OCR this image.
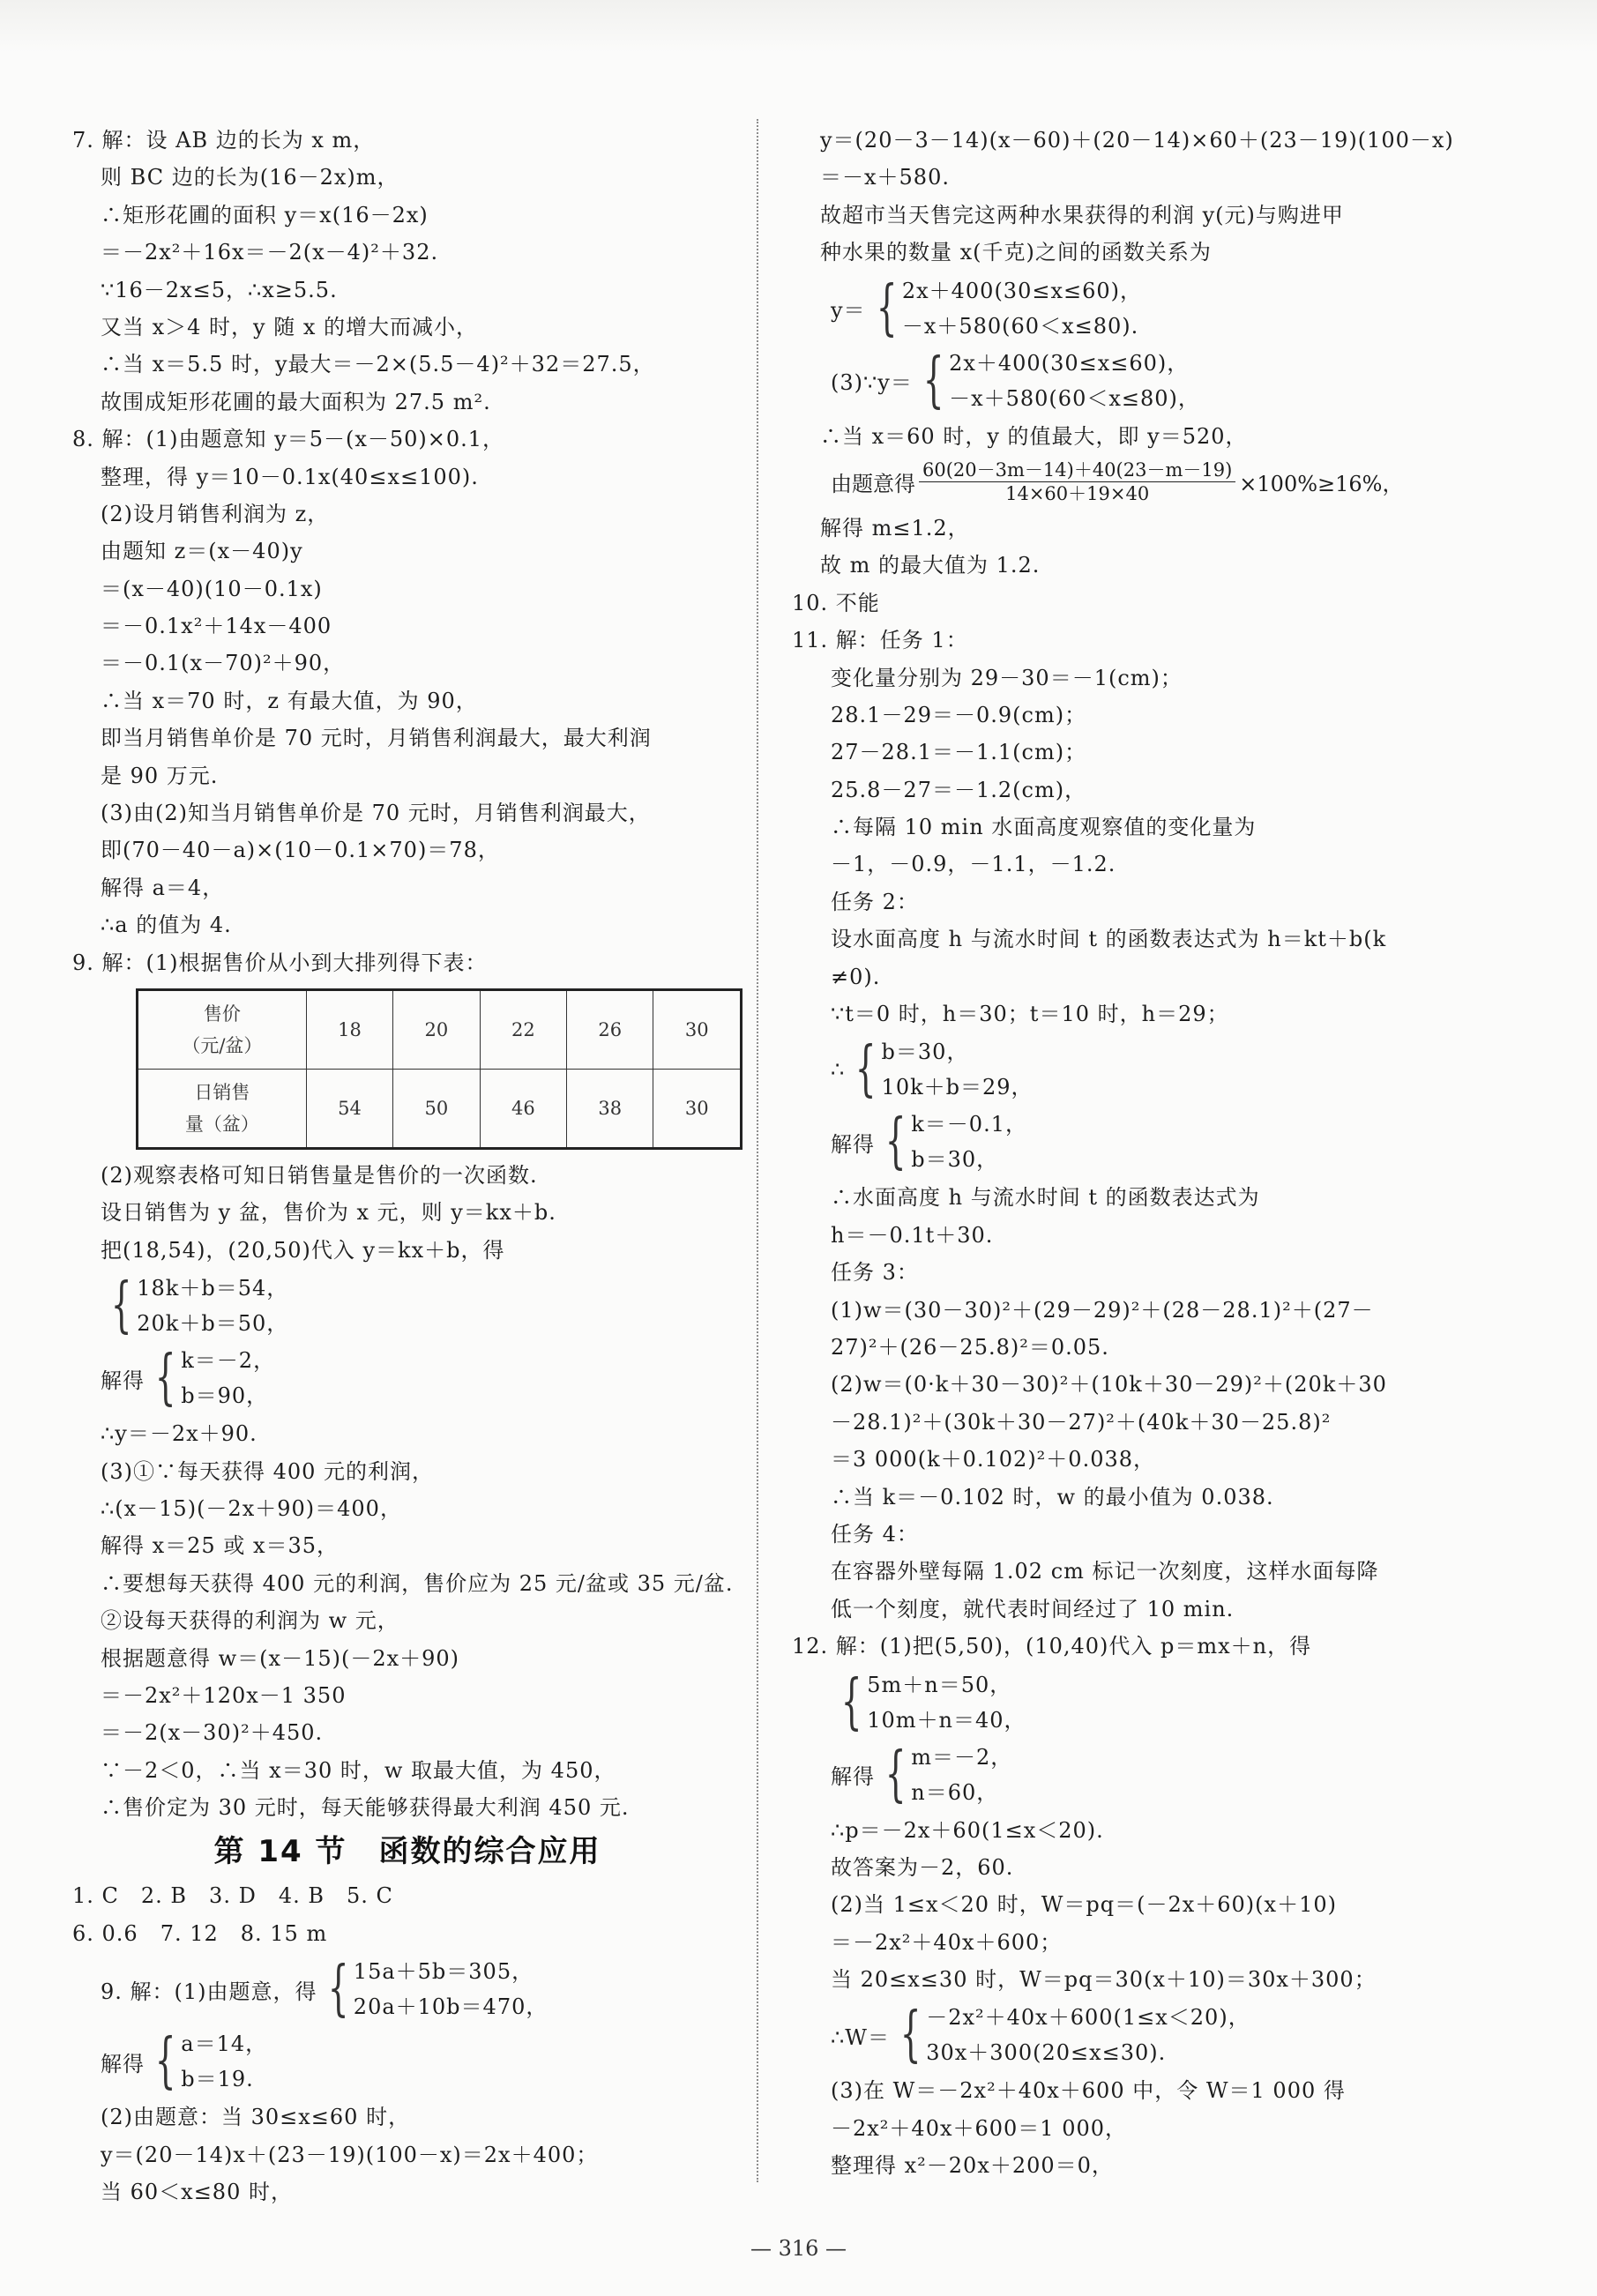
7. 解：设 AB 边的长为 x m，
则 BC 边的长为(16－2x)m，
∴矩形花圃的面积 y＝x(16－2x)
＝－2x²＋16x＝－2(x－4)²＋32.
∵16－2x≤5，∴x≥5.5.
又当 x＞4 时，y 随 x 的增大而减小，
∴当 x＝5.5 时，y最大＝－2×(5.5－4)²＋32＝27.5，
故围成矩形花圃的最大面积为 27.5 m².
8. 解：(1)由题意知 y＝5－(x－50)×0.1，
整理，得 y＝10－0.1x(40≤x≤100).
(2)设月销售利润为 z，
由题知 z＝(x－40)y
＝(x－40)(10－0.1x)
＝－0.1x²＋14x－400
＝－0.1(x－70)²＋90，
∴当 x＝70 时，z 有最大值，为 90，
即当月销售单价是 70 元时，月销售利润最大，最大利润
是 90 万元.
(3)由(2)知当月销售单价是 70 元时，月销售利润最大，
即(70－40－a)×(10－0.1×70)＝78，
解得 a＝4，
∴a 的值为 4.
9. 解：(1)根据售价从小到大排列得下表：
售价
（元/盆）	18	20	22	26	30

日销售
量（盆）	54	50	46	38	30
(2)观察表格可知日销售量是售价的一次函数.
设日销售为 y 盆，售价为 x 元，则 y＝kx＋b.
把(18,54)，(20,50)代入 y＝kx＋b，得
{ 18k＋b＝54，
20k＋b＝50，
解得 { k＝－2，
b＝90，
∴y＝－2x＋90.
(3)①∵每天获得 400 元的利润，
∴(x－15)(－2x＋90)＝400，
解得 x＝25 或 x＝35，
∴要想每天获得 400 元的利润，售价应为 25 元/盆或 35 元/盆.
②设每天获得的利润为 w 元，
根据题意得 w＝(x－15)(－2x＋90)
＝－2x²＋120x－1 350
＝－2(x－30)²＋450.
∵－2＜0，∴当 x＝30 时，w 取最大值，为 450，
∴售价定为 30 元时，每天能够获得最大利润 450 元.
第 14 节　函数的综合应用
1. C　2. B　3. D　4. B　5. C
6. 0.6　7. 12　8. 15 m
9. 解：(1)由题意，得 { 15a＋5b＝305，
20a＋10b＝470，
解得 { a＝14，
b＝19.
(2)由题意：当 30≤x≤60 时，
y＝(20－14)x＋(23－19)(100－x)＝2x＋400；
当 60＜x≤80 时，
y＝(20－3－14)(x－60)＋(20－14)×60＋(23－19)(100－x)
＝－x＋580.
故超市当天售完这两种水果获得的利润 y(元)与购进甲
种水果的数量 x(千克)之间的函数关系为
y＝ { 2x＋400(30≤x≤60)，
－x＋580(60＜x≤80).
(3)∵y＝ { 2x＋400(30≤x≤60)，
－x＋580(60＜x≤80)，
∴当 x＝60 时，y 的值最大，即 y＝520，
由题意得 $\frac{60(20-3m-14)+40(23-m-19)}{14\times 60+19\times 40} \times 100\%\ge 16\%$，
解得 m≤1.2，
故 m 的最大值为 1.2.
10. 不能
11. 解：任务 1：
变化量分别为 29－30＝－1(cm)；
28.1－29＝－0.9(cm)；
27－28.1＝－1.1(cm)；
25.8－27＝－1.2(cm)，
∴每隔 10 min 水面高度观察值的变化量为
－1，－0.9，－1.1，－1.2.
任务 2：
设水面高度 h 与流水时间 t 的函数表达式为 h＝kt＋b(k
≠0).
∵t＝0 时，h＝30；t＝10 时，h＝29；
∴ { b＝30，
10k＋b＝29，
解得 { k＝－0.1，
b＝30，
∴水面高度 h 与流水时间 t 的函数表达式为
h＝－0.1t＋30.
任务 3：
(1)w＝(30－30)²＋(29－29)²＋(28－28.1)²＋(27－
27)²＋(26－25.8)²＝0.05.
(2)w＝(0·k＋30－30)²＋(10k＋30－29)²＋(20k＋30
－28.1)²＋(30k＋30－27)²＋(40k＋30－25.8)²
＝3 000(k＋0.102)²＋0.038，
∴当 k＝－0.102 时，w 的最小值为 0.038.
任务 4：
在容器外壁每隔 1.02 cm 标记一次刻度，这样水面每降
低一个刻度，就代表时间经过了 10 min.
12. 解：(1)把(5,50)，(10,40)代入 p＝mx＋n，得
{ 5m＋n＝50，
10m＋n＝40，
解得 { m＝－2，
n＝60，
∴p＝－2x＋60(1≤x＜20).
故答案为－2，60.
(2)当 1≤x＜20 时，W＝pq＝(－2x＋60)(x＋10)
＝－2x²＋40x＋600；
当 20≤x≤30 时，W＝pq＝30(x＋10)＝30x＋300；
∴W＝ { －2x²＋40x＋600(1≤x＜20)，
30x＋300(20≤x≤30).
(3)在 W＝－2x²＋40x＋600 中，令 W＝1 000 得
－2x²＋40x＋600＝1 000，
整理得 x²－20x＋200＝0，
— 316 —
